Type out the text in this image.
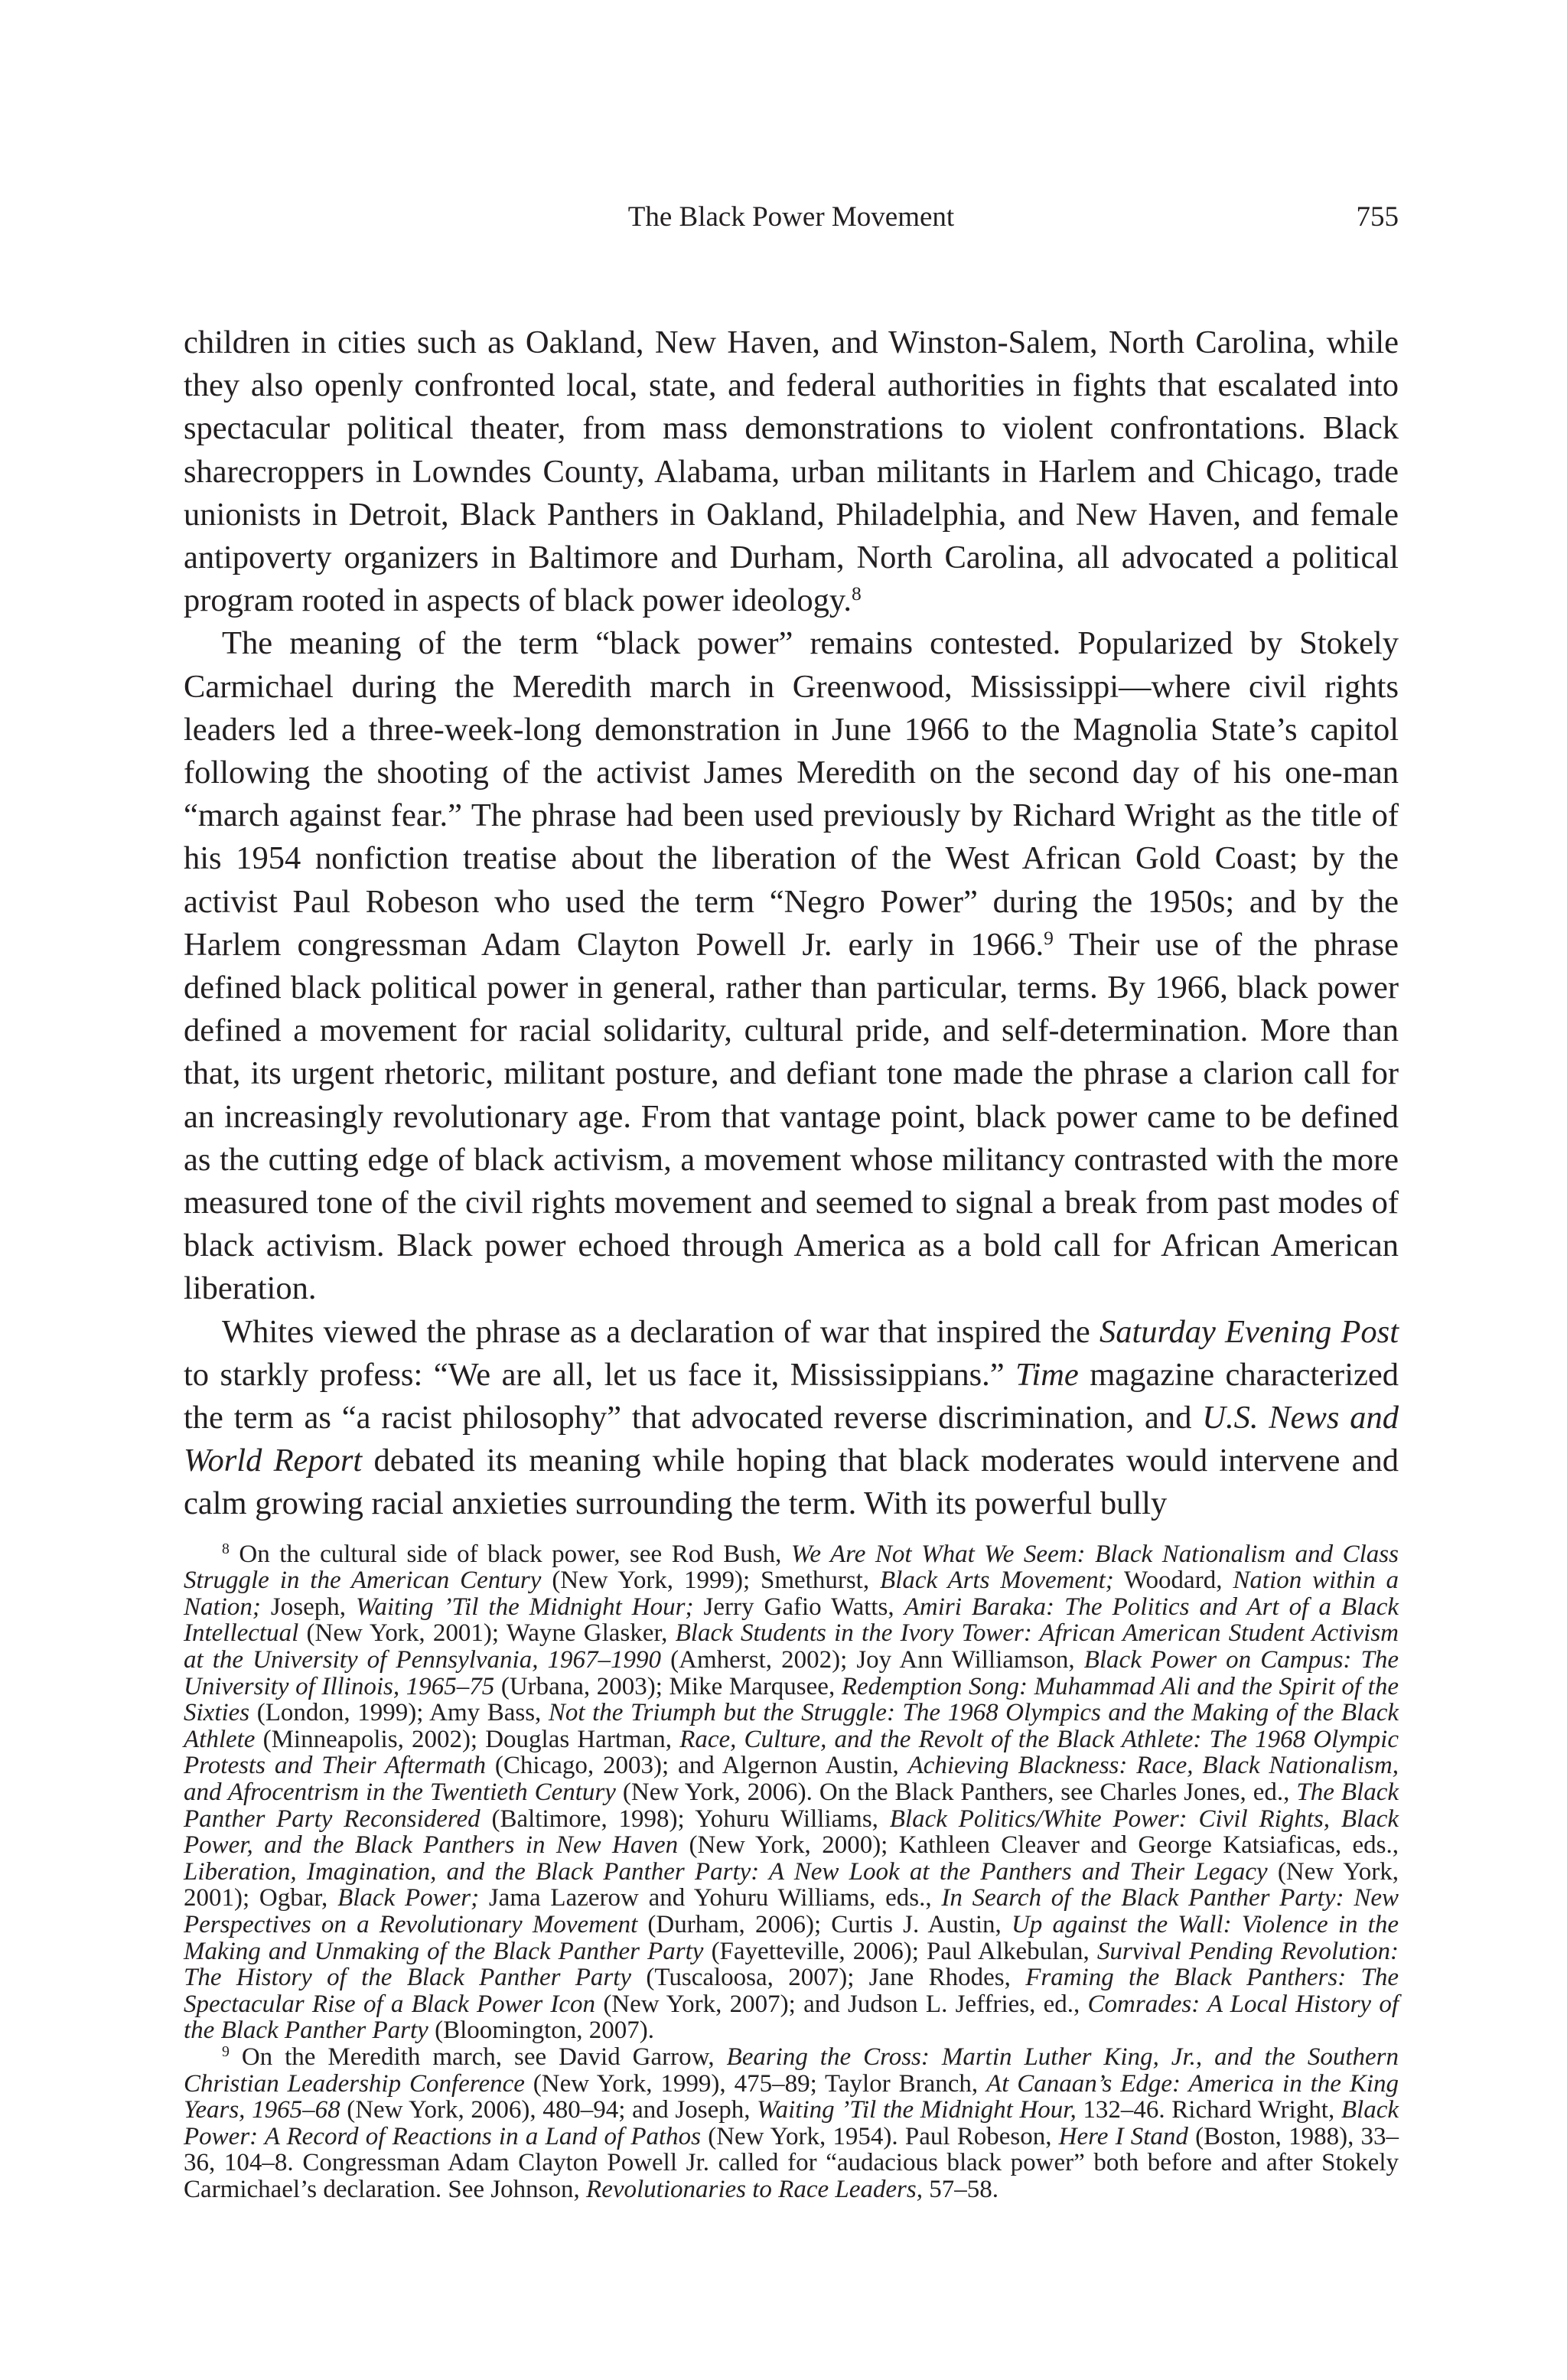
The Black Power Movement	755

children in cities such as Oakland, New Haven, and Winston-Salem, North Carolina, while they also openly confronted local, state, and federal authorities in fights that escalated into spectacular political theater, from mass demonstrations to violent confrontations. Black sharecroppers in Lowndes County, Alabama, urban militants in Harlem and Chicago, trade unionists in Detroit, Black Panthers in Oakland, Philadelphia, and New Haven, and female antipoverty organizers in Baltimore and Durham, North Carolina, all advocated a political program rooted in aspects of black power ideology.$^8$

The meaning of the term “black power” remains contested. Popularized by Stokely Carmichael during the Meredith march in Greenwood, Mississippi—where civil rights leaders led a three-week-long demonstration in June 1966 to the Magnolia State’s capitol following the shooting of the activist James Meredith on the second day of his one-man “march against fear.” The phrase had been used previously by Richard Wright as the title of his 1954 nonfiction treatise about the liberation of the West African Gold Coast; by the activist Paul Robeson who used the term “Negro Power” during the 1950s; and by the Harlem congressman Adam Clayton Powell Jr. early in 1966.$^9$ Their use of the phrase defined black political power in general, rather than particular, terms. By 1966, black power defined a movement for racial solidarity, cultural pride, and self-determination. More than that, its urgent rhetoric, militant posture, and defiant tone made the phrase a clarion call for an increasingly revolutionary age. From that vantage point, black power came to be defined as the cutting edge of black activism, a movement whose militancy contrasted with the more measured tone of the civil rights movement and seemed to signal a break from past modes of black activism. Black power echoed through America as a bold call for African American liberation.

Whites viewed the phrase as a declaration of war that inspired the Saturday Evening Post to starkly profess: “We are all, let us face it, Mississippians.” Time magazine characterized the term as “a racist philosophy” that advocated reverse discrimination, and U.S. News and World Report debated its meaning while hoping that black moderates would intervene and calm growing racial anxieties surrounding the term. With its powerful bully

$^8$ On the cultural side of black power, see Rod Bush, We Are Not What We Seem: Black Nationalism and Class Struggle in the American Century (New York, 1999); Smethurst, Black Arts Movement; Woodard, Nation within a Nation; Joseph, Waiting ’Til the Midnight Hour; Jerry Gafio Watts, Amiri Baraka: The Politics and Art of a Black Intellectual (New York, 2001); Wayne Glasker, Black Students in the Ivory Tower: African American Student Activism at the University of Pennsylvania, 1967–1990 (Amherst, 2002); Joy Ann Williamson, Black Power on Campus: The University of Illinois, 1965–75 (Urbana, 2003); Mike Marqusee, Redemption Song: Muhammad Ali and the Spirit of the Sixties (London, 1999); Amy Bass, Not the Triumph but the Struggle: The 1968 Olympics and the Making of the Black Athlete (Minneapolis, 2002); Douglas Hartman, Race, Culture, and the Revolt of the Black Athlete: The 1968 Olympic Protests and Their Aftermath (Chicago, 2003); and Algernon Austin, Achieving Blackness: Race, Black Nationalism, and Afrocentrism in the Twentieth Century (New York, 2006). On the Black Panthers, see Charles Jones, ed., The Black Panther Party Reconsidered (Baltimore, 1998); Yohuru Williams, Black Politics/White Power: Civil Rights, Black Power, and the Black Panthers in New Haven (New York, 2000); Kathleen Cleaver and George Katsiaficas, eds., Liberation, Imagination, and the Black Panther Party: A New Look at the Panthers and Their Legacy (New York, 2001); Ogbar, Black Power; Jama Lazerow and Yohuru Williams, eds., In Search of the Black Panther Party: New Perspectives on a Revolutionary Movement (Durham, 2006); Curtis J. Austin, Up against the Wall: Violence in the Making and Unmaking of the Black Panther Party (Fayetteville, 2006); Paul Alkebulan, Survival Pending Revolution: The History of the Black Panther Party (Tuscaloosa, 2007); Jane Rhodes, Framing the Black Panthers: The Spectacular Rise of a Black Power Icon (New York, 2007); and Judson L. Jeffries, ed., Comrades: A Local History of the Black Panther Party (Bloomington, 2007).

$^9$ On the Meredith march, see David Garrow, Bearing the Cross: Martin Luther King, Jr., and the Southern Christian Leadership Conference (New York, 1999), 475–89; Taylor Branch, At Canaan’s Edge: America in the King Years, 1965–68 (New York, 2006), 480–94; and Joseph, Waiting ’Til the Midnight Hour, 132–46. Richard Wright, Black Power: A Record of Reactions in a Land of Pathos (New York, 1954). Paul Robeson, Here I Stand (Boston, 1988), 33–36, 104–8. Congressman Adam Clayton Powell Jr. called for “audacious black power” both before and after Stokely Carmichael’s declaration. See Johnson, Revolutionaries to Race Leaders, 57–58.
